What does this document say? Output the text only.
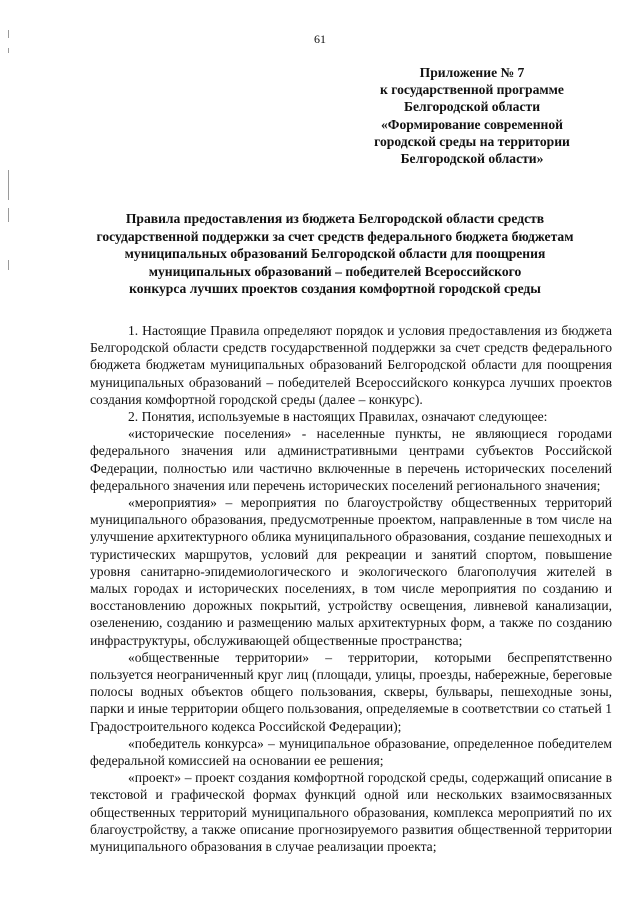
61
Приложение № 7
к государственной программе
Белгородской области
«Формирование современной
городской среды на территории
Белгородской области»
Правила предоставления из бюджета Белгородской области средств
государственной поддержки за счет средств федерального бюджета бюджетам
муниципальных образований Белгородской области для поощрения
муниципальных образований – победителей Всероссийского
конкурса лучших проектов создания комфортной городской среды

1. Настоящие Правила определяют порядок и условия предоставления из бюджета Белгородской области средств государственной поддержки за счет средств федерального бюджета бюджетам муниципальных образований Белгородской области для поощрения муниципальных образований – победителей Всероссийского конкурса лучших проектов создания комфортной городской среды (далее – конкурс).

2. Понятия, используемые в настоящих Правилах, означают следующее:

«исторические поселения» - населенные пункты, не являющиеся городами федерального значения или административными центрами субъектов Российской Федерации, полностью или частично включенные в перечень исторических поселений федерального значения или перечень исторических поселений регионального значения;

«мероприятия» – мероприятия по благоустройству общественных территорий муниципального образования, предусмотренные проектом, направленные в том числе на улучшение архитектурного облика муниципального образования, создание пешеходных и туристических маршрутов, условий для рекреации и занятий спортом, повышение уровня санитарно-эпидемиологического и экологического благополучия жителей в малых городах и исторических поселениях, в том числе мероприятия по созданию и восстановлению дорожных покрытий, устройству освещения, ливневой канализации, озеленению, созданию и размещению малых архитектурных форм, а также по созданию инфраструктуры, обслуживающей общественные пространства;

«общественные территории» – территории, которыми беспрепятственно пользуется неограниченный круг лиц (площади, улицы, проезды, набережные, береговые полосы водных объектов общего пользования, скверы, бульвары, пешеходные зоны, парки и иные территории общего пользования, определяемые в соответствии со статьей 1 Градостроительного кодекса Российской Федерации);

«победитель конкурса» – муниципальное образование, определенное победителем федеральной комиссией на основании ее решения;

«проект» – проект создания комфортной городской среды, содержащий описание в текстовой и графической формах функций одной или нескольких взаимосвязанных общественных территорий муниципального образования, комплекса мероприятий по их благоустройству, а также описание прогнозируемого развития общественной территории муниципального образования в случае реализации проекта;
